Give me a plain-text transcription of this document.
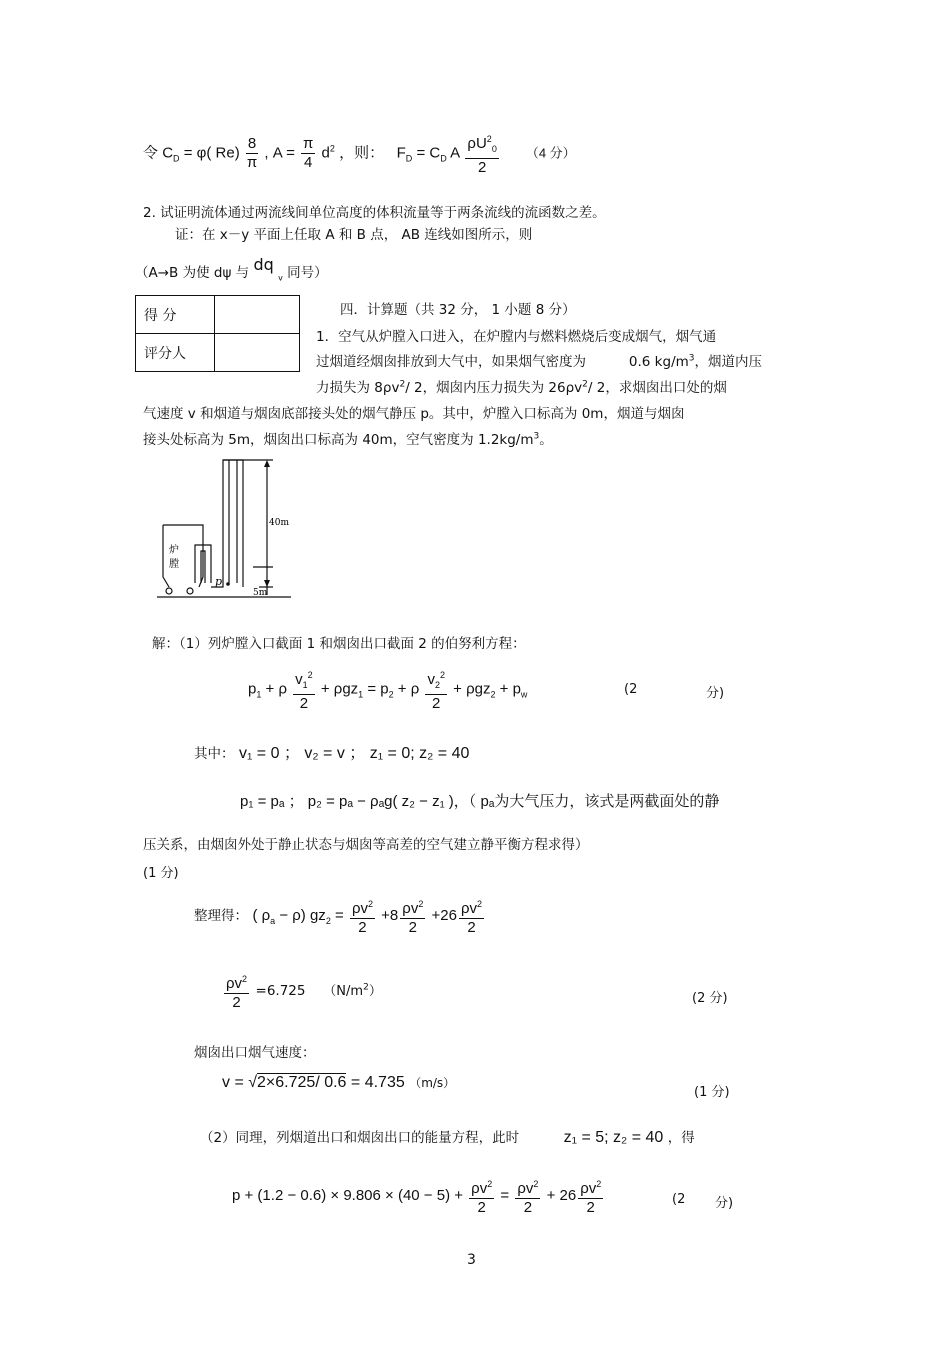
令 $C_D = \varphi$( $Re) \frac{8}{\pi}$ , $A = \frac{\pi}{4} d^2$ ，则： $F_D = C_D$ A $\frac{\rho U^2_0}{2} (4$ 分）
2. 试证明流体通过两流线间单位高度的体积流量等于两条流线的流函数之差。
证：在 x－y 平面上任取 A 和 B 点， AB 连线如图所示，则
（A→B 为使 dψ 与 dq $_v$ 同号）
得 分	
评分人	
四．计算题（共 32 分， 1 小题 8 分）
1．空气从炉膛入口进入，在炉膛内与燃料燃烧后变成烟气，烟气通
过烟道经烟囱排放到大气中，如果烟气密度为	0.6 $kg/m^3$，烟道内压
力损失为 $8\rho v^2/$ 2，烟囱内压力损失为 $26\rho v^2/$ 2，求烟囱出口处的烟
气速度 v 和烟道与烟囱底部接头处的烟气静压 p。其中，炉膛入口标高为 0m，烟道与烟囱
接头处标高为 5m，烟囱出口标高为 40m，空气密度为 $1.2kg/m^3$。
炉
膛
p
40m
5m
解：（1）列炉膛入口截面 1 和烟囱出口截面 2 的伯努利方程：
$p_1 + \rho \frac{v_1^2}{2} + \rho gz_1 = p_2 + \rho \frac{v_2^2}{2} + \rho gz_2 + p_w$	(2	分)
其中： v₁ = 0 ； v₂ = v ； z₁ = 0; z₂ = 40
p₁ = pₐ ； p₂ = pₐ − ρₐg( z₂ − z₁ )，（ pₐ为大气压力，该式是两截面处的静
压关系，由烟囱外处于静止状态与烟囱等高差的空气建立静平衡方程求得）
(1 分)
整理得： ( $\rho_a - \rho$) $gz_2 = \frac{\rho v^2}{2} +8 \frac{\rho v^2}{2} +26 \frac{\rho v^2}{2}$
$\frac{\rho v^2}{2} =6.725$ $(N/m^2)$	(2 分)
烟囱出口烟气速度：
v = √2×6.725/ 0.6 = 4.735 （m/s）
(1 分)
（2）同理，列烟道出口和烟囱出口的能量方程，此时	z₁ = 5; z₂ = 40 ，得
$p + (1.2 - 0.6) \times 9.806 \times (40 - 5) + \frac{\rho v^2}{2} = \frac{\rho v^2}{2} + 26 \frac{\rho v^2}{2}$	(2 分)
3
